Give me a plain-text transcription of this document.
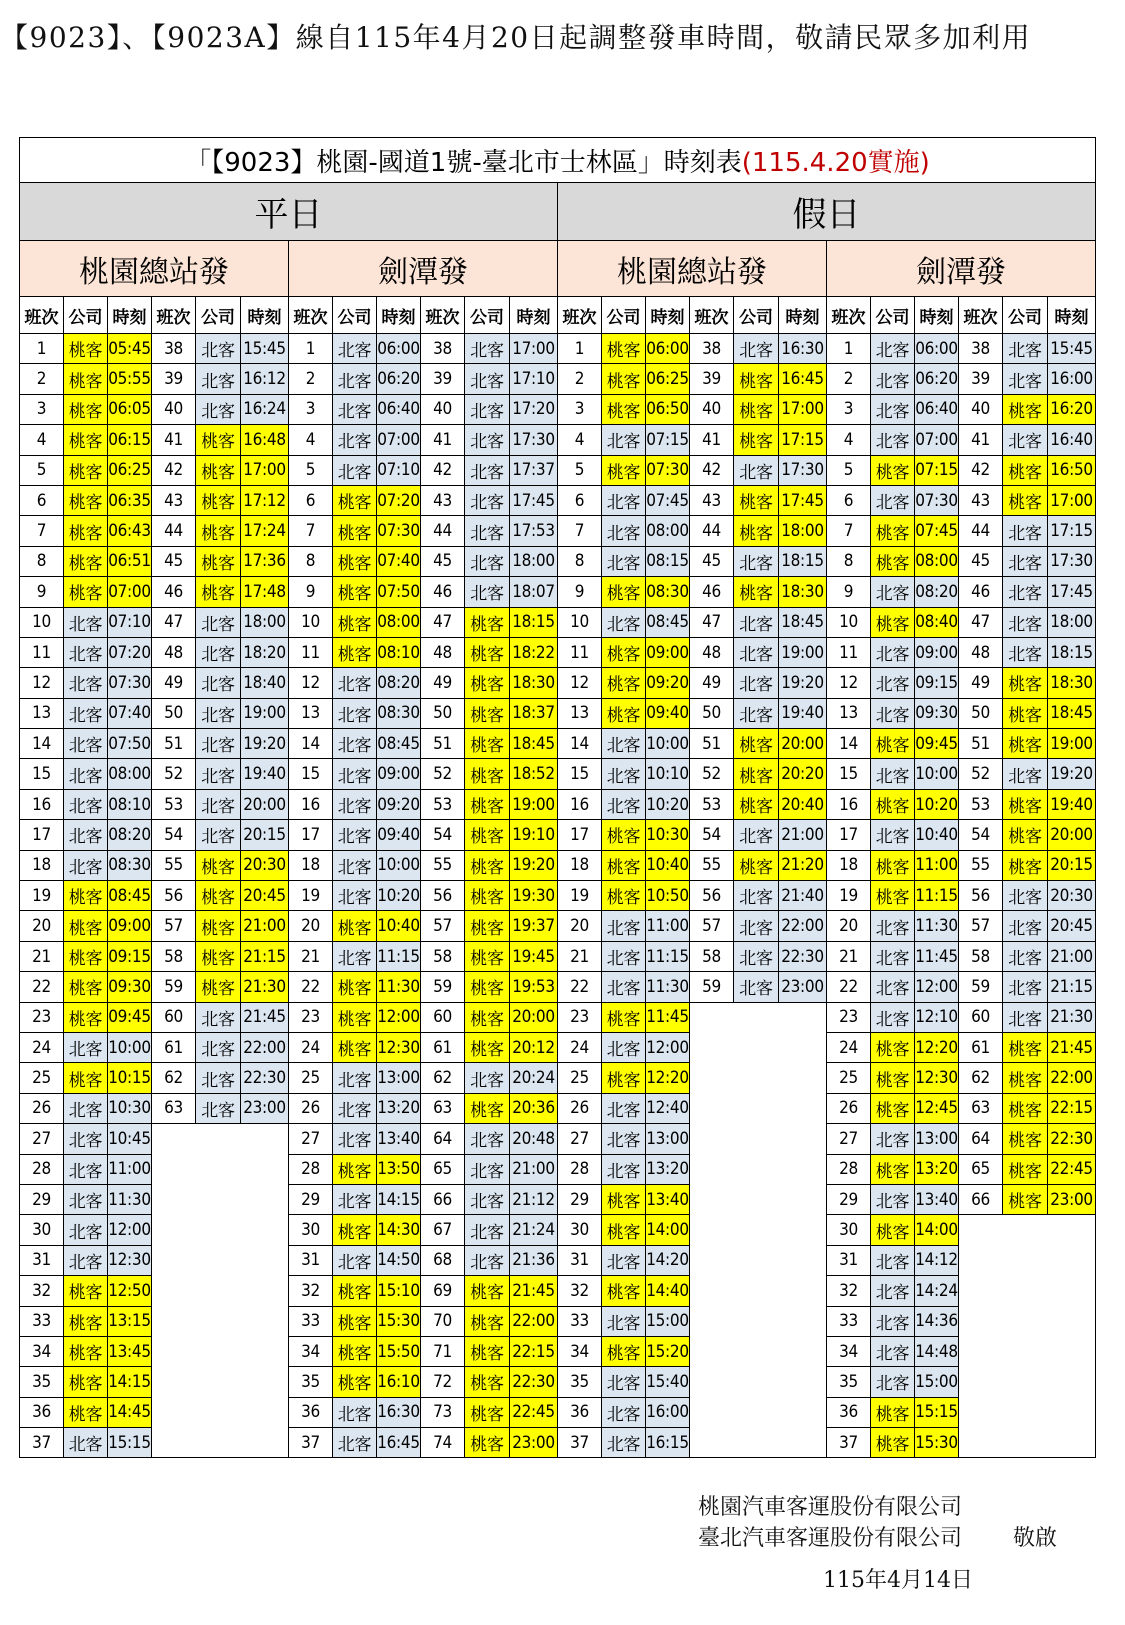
【9023】、【9023A】線自115年4月20日起調整發車時間，敬請民眾多加利用
「【9023】桃園-國道1號-臺北市士林區」時刻表(115.4.20實施)																							
平日												假日											
桃園總站發						劍潭發						桃園總站發						劍潭發					
班次	公司	時刻	班次	公司	時刻	班次	公司	時刻	班次	公司	時刻	班次	公司	時刻	班次	公司	時刻	班次	公司	時刻	班次	公司	時刻
1	桃客	05:45	38	北客	15:45	1	北客	06:00	38	北客	17:00	1	桃客	06:00	38	北客	16:30	1	北客	06:00	38	北客	15:45
2	桃客	05:55	39	北客	16:12	2	北客	06:20	39	北客	17:10	2	桃客	06:25	39	桃客	16:45	2	北客	06:20	39	北客	16:00
3	桃客	06:05	40	北客	16:24	3	北客	06:40	40	北客	17:20	3	桃客	06:50	40	桃客	17:00	3	北客	06:40	40	桃客	16:20
4	桃客	06:15	41	桃客	16:48	4	北客	07:00	41	北客	17:30	4	北客	07:15	41	桃客	17:15	4	北客	07:00	41	北客	16:40
5	桃客	06:25	42	桃客	17:00	5	北客	07:10	42	北客	17:37	5	桃客	07:30	42	北客	17:30	5	桃客	07:15	42	桃客	16:50
6	桃客	06:35	43	桃客	17:12	6	桃客	07:20	43	北客	17:45	6	北客	07:45	43	桃客	17:45	6	北客	07:30	43	桃客	17:00
7	桃客	06:43	44	桃客	17:24	7	桃客	07:30	44	北客	17:53	7	北客	08:00	44	桃客	18:00	7	桃客	07:45	44	北客	17:15
8	桃客	06:51	45	桃客	17:36	8	桃客	07:40	45	北客	18:00	8	北客	08:15	45	北客	18:15	8	桃客	08:00	45	北客	17:30
9	桃客	07:00	46	桃客	17:48	9	桃客	07:50	46	北客	18:07	9	桃客	08:30	46	桃客	18:30	9	北客	08:20	46	北客	17:45
10	北客	07:10	47	北客	18:00	10	桃客	08:00	47	桃客	18:15	10	北客	08:45	47	北客	18:45	10	桃客	08:40	47	北客	18:00
11	北客	07:20	48	北客	18:20	11	桃客	08:10	48	桃客	18:22	11	桃客	09:00	48	北客	19:00	11	北客	09:00	48	北客	18:15
12	北客	07:30	49	北客	18:40	12	北客	08:20	49	桃客	18:30	12	桃客	09:20	49	北客	19:20	12	北客	09:15	49	桃客	18:30
13	北客	07:40	50	北客	19:00	13	北客	08:30	50	桃客	18:37	13	桃客	09:40	50	北客	19:40	13	北客	09:30	50	桃客	18:45
14	北客	07:50	51	北客	19:20	14	北客	08:45	51	桃客	18:45	14	北客	10:00	51	桃客	20:00	14	桃客	09:45	51	桃客	19:00
15	北客	08:00	52	北客	19:40	15	北客	09:00	52	桃客	18:52	15	北客	10:10	52	桃客	20:20	15	北客	10:00	52	北客	19:20
16	北客	08:10	53	北客	20:00	16	北客	09:20	53	桃客	19:00	16	北客	10:20	53	桃客	20:40	16	桃客	10:20	53	桃客	19:40
17	北客	08:20	54	北客	20:15	17	北客	09:40	54	桃客	19:10	17	桃客	10:30	54	北客	21:00	17	北客	10:40	54	桃客	20:00
18	北客	08:30	55	桃客	20:30	18	北客	10:00	55	桃客	19:20	18	桃客	10:40	55	桃客	21:20	18	桃客	11:00	55	桃客	20:15
19	桃客	08:45	56	桃客	20:45	19	北客	10:20	56	桃客	19:30	19	桃客	10:50	56	北客	21:40	19	桃客	11:15	56	北客	20:30
20	桃客	09:00	57	桃客	21:00	20	桃客	10:40	57	桃客	19:37	20	北客	11:00	57	北客	22:00	20	北客	11:30	57	北客	20:45
21	桃客	09:15	58	桃客	21:15	21	北客	11:15	58	桃客	19:45	21	北客	11:15	58	北客	22:30	21	北客	11:45	58	北客	21:00
22	桃客	09:30	59	桃客	21:30	22	桃客	11:30	59	桃客	19:53	22	北客	11:30	59	北客	23:00	22	北客	12:00	59	北客	21:15
23	桃客	09:45	60	北客	21:45	23	桃客	12:00	60	桃客	20:00	23	桃客	11:45				23	北客	12:10	60	北客	21:30
24	北客	10:00	61	北客	22:00	24	桃客	12:30	61	桃客	20:12	24	北客	12:00				24	桃客	12:20	61	桃客	21:45
25	桃客	10:15	62	北客	22:30	25	北客	13:00	62	北客	20:24	25	桃客	12:20				25	桃客	12:30	62	桃客	22:00
26	北客	10:30	63	北客	23:00	26	北客	13:20	63	桃客	20:36	26	北客	12:40				26	桃客	12:45	63	桃客	22:15
27	北客	10:45				27	北客	13:40	64	北客	20:48	27	北客	13:00				27	北客	13:00	64	桃客	22:30
28	北客	11:00				28	桃客	13:50	65	北客	21:00	28	北客	13:20				28	桃客	13:20	65	桃客	22:45
29	北客	11:30				29	北客	14:15	66	北客	21:12	29	桃客	13:40				29	北客	13:40	66	桃客	23:00
30	北客	12:00				30	桃客	14:30	67	北客	21:24	30	桃客	14:00				30	桃客	14:00			
31	北客	12:30				31	北客	14:50	68	北客	21:36	31	北客	14:20				31	北客	14:12			
32	桃客	12:50				32	桃客	15:10	69	桃客	21:45	32	桃客	14:40				32	北客	14:24			
33	桃客	13:15				33	桃客	15:30	70	桃客	22:00	33	北客	15:00				33	北客	14:36			
34	桃客	13:45				34	桃客	15:50	71	桃客	22:15	34	桃客	15:20				34	北客	14:48			
35	桃客	14:15				35	桃客	16:10	72	桃客	22:30	35	北客	15:40				35	北客	15:00			
36	桃客	14:45				36	北客	16:30	73	桃客	22:45	36	北客	16:00				36	桃客	15:15			
37	北客	15:15				37	北客	16:45	74	桃客	23:00	37	北客	16:15				37	桃客	15:30			
桃園汽車客運股份有限公司
臺北汽車客運股份有限公司 敬啟
115年4月14日
